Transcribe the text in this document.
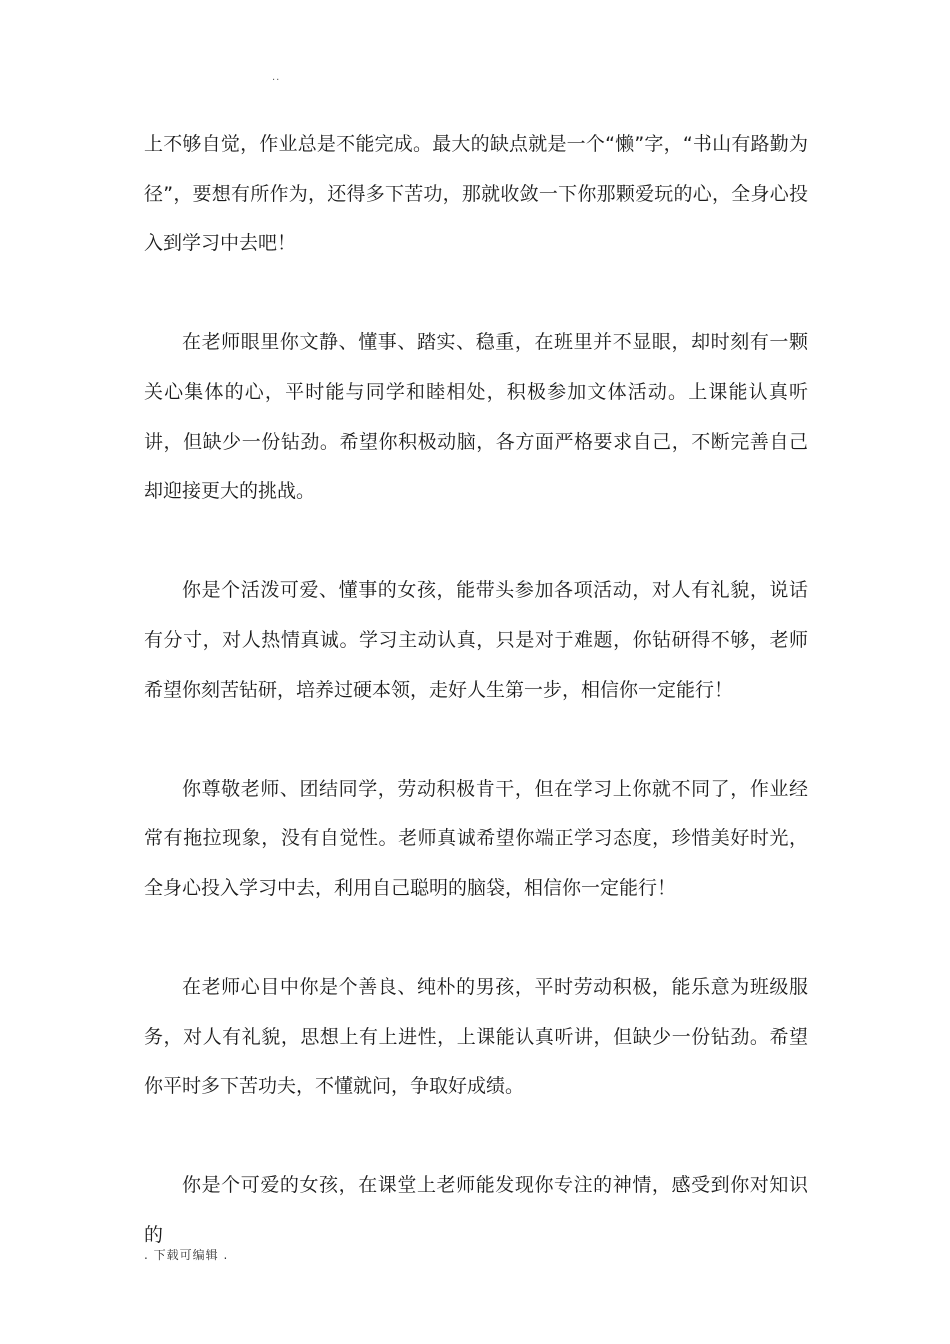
..

上不够自觉，作业总是不能完成。最大的缺点就是一个“懒”字，“书山有路勤为径”，要想有所作为，还得多下苦功，那就收敛一下你那颗爱玩的心，全身心投入到学习中去吧！

在老师眼里你文静、懂事、踏实、稳重，在班里并不显眼，却时刻有一颗关心集体的心，平时能与同学和睦相处，积极参加文体活动。上课能认真听讲，但缺少一份钻劲。希望你积极动脑，各方面严格要求自己，不断完善自己却迎接更大的挑战。

你是个活泼可爱、懂事的女孩，能带头参加各项活动，对人有礼貌，说话有分寸，对人热情真诚。学习主动认真，只是对于难题，你钻研得不够，老师希望你刻苦钻研，培养过硬本领，走好人生第一步，相信你一定能行！

你尊敬老师、团结同学，劳动积极肯干，但在学习上你就不同了，作业经常有拖拉现象，没有自觉性。老师真诚希望你端正学习态度，珍惜美好时光，全身心投入学习中去，利用自己聪明的脑袋，相信你一定能行！

在老师心目中你是个善良、纯朴的男孩，平时劳动积极，能乐意为班级服务，对人有礼貌，思想上有上进性，上课能认真听讲，但缺少一份钻劲。希望你平时多下苦功夫，不懂就问，争取好成绩。

你是个可爱的女孩，在课堂上老师能发现你专注的神情，感受到你对知识的

. 下载可编辑 .
